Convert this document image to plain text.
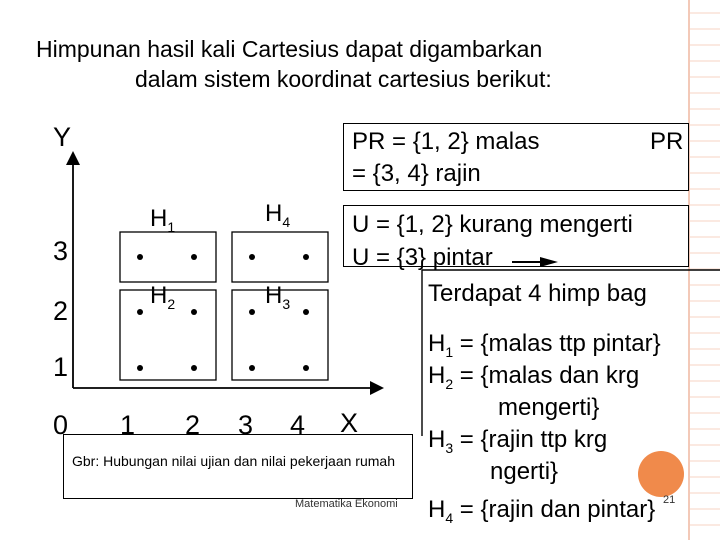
Himpunan hasil kali Cartesius dapat digambarkan
dalam sistem koordinat cartesius berikut:
Y
X
3
2
1
0 1 2 3 4
$H_1$	$H_4$
$H_2$	$H_3$
PR = {1, 2} malas	PR
= {3, 4} rajin
U = {1, 2} kurang mengerti
U = {3} pintar
Terdapat 4 himp bag
$H_1$ = {malas ttp pintar}
$H_2$ = {malas dan krg
mengerti}
$H_3$ = {rajin ttp krg
ngerti}
$H_4$ = {rajin dan pintar}
Gbr: Hubungan nilai ujian dan nilai pekerjaan rumah
Matematika Ekonomi	21
